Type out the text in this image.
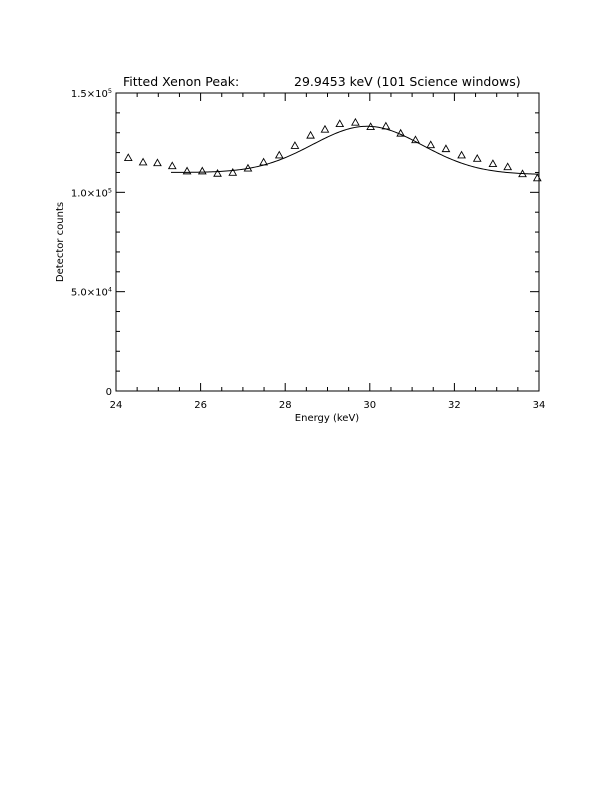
Fitted Xenon Peak:	29.9453 keV (101 Science windows)
24	26	28	30	32	34
0
$5.0\times 10^4$
$1.0\times 10^5$
$1.5\times 10^5$
Energy (keV)
Detector counts
